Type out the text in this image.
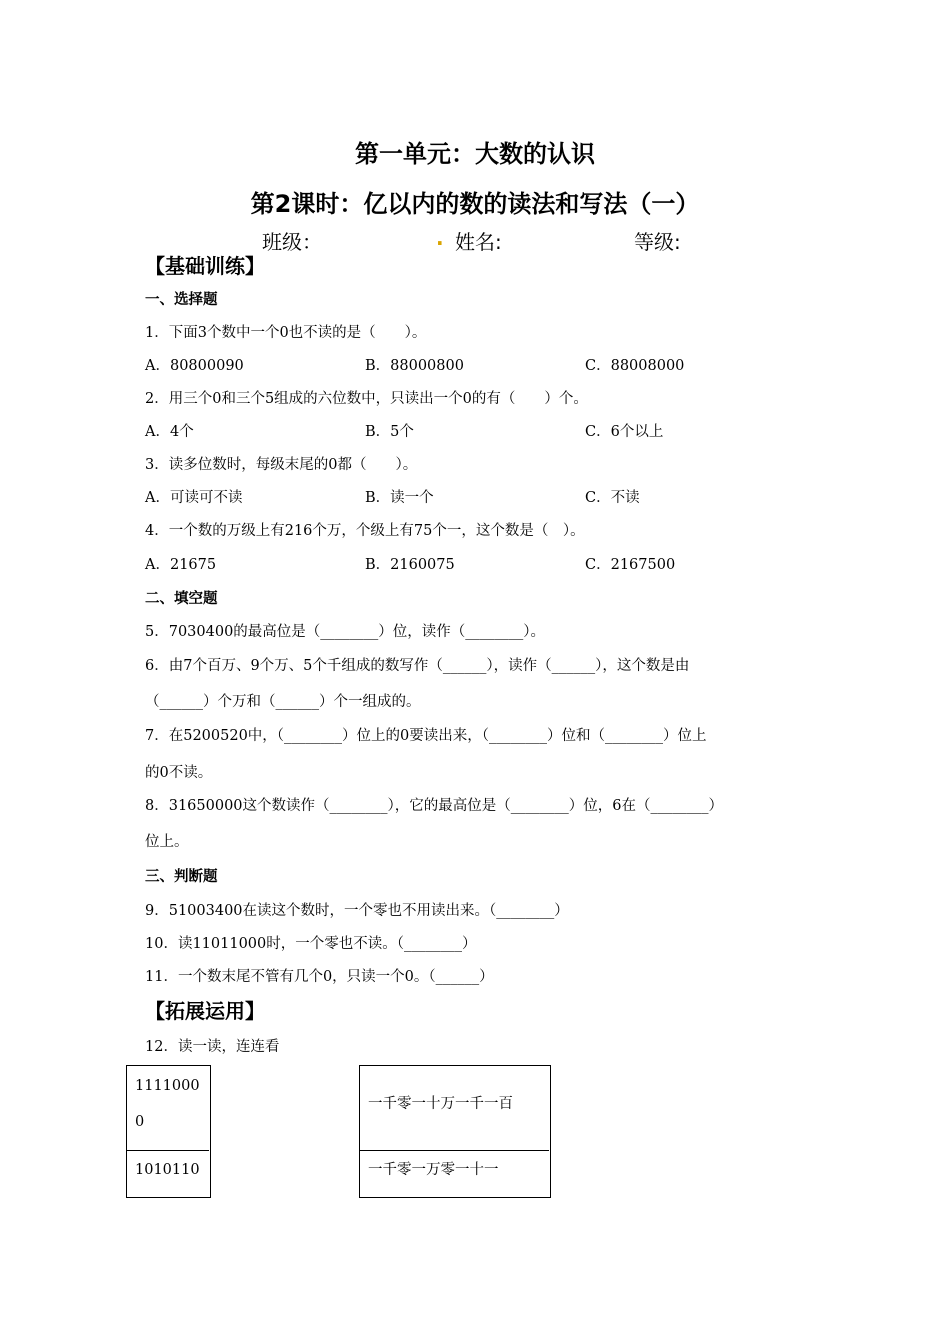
第一单元：大数的认识
第2课时：亿以内的数的读法和写法（一）
班级：	. 姓名:	等级:
【基础训练】
一、选择题
1．下面3个数中一个0也不读的是（　　）。
A．80800090	B．88000800	C．88008000
2．用三个0和三个5组成的六位数中，只读出一个0的有（　　）个。
A．4个	B．5个	C．6个以上
3．读多位数时，每级末尾的0都（　　）。
A．可读可不读	B．读一个	C．不读
4．一个数的万级上有216个万，个级上有75个一，这个数是（　）。
A．21675	B．2160075	C．2167500
二、填空题
5．7030400的最高位是（________）位，读作（________）。
6．由7个百万、9个万、5个千组成的数写作（______），读作（______），这个数是由
（______）个万和（______）个一组成的。
7．在5200520中，（________）位上的0要读出来，（________）位和（________）位上
的0不读。
8．31650000这个数读作（________），它的最高位是（________）位，6在（________）
位上。
三、判断题
9．51003400在读这个数时，一个零也不用读出来。（________）
10．读11011000时，一个零也不读。（________）
11．一个数末尾不管有几个0，只读一个0。（______）
【拓展运用】
12．读一读，连连看
11110000
1010110
一千零一十万一千一百
一千零一万零一十一
